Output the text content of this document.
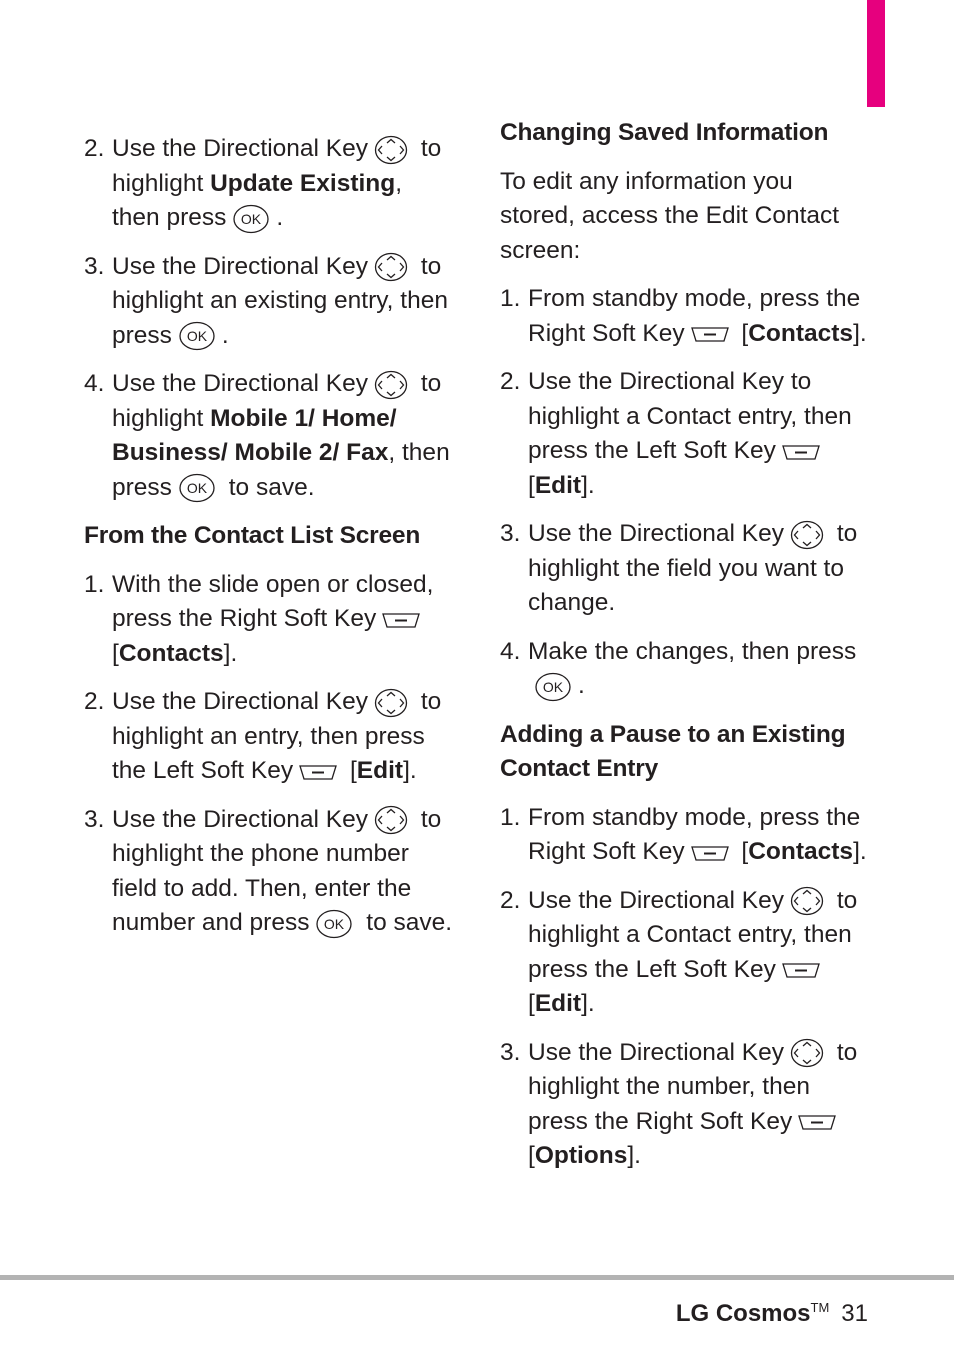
2. Use the Directional Key
to highlight Update Existing, then press OK .
3. Use the Directional Key
to highlight an existing entry, then press OK .
4. Use the Directional Key
to highlight Mobile 1/ Home/ Business/ Mobile 2/ Fax, then press OK to save.
From the Contact List Screen
1. With the slide open or closed, press the Right Soft Key
[Contacts].
2. Use the Directional Key
to highlight an entry, then press the Left Soft Key
[Edit].
3. Use the Directional Key
to highlight the phone number field to add. Then, enter the number and press OK to save.
Changing Saved Information
To edit any information you stored, access the Edit Contact screen:
1. From standby mode, press the Right Soft Key
[Contacts].
2. Use the Directional Key to highlight a Contact entry, then press the Left Soft Key
[Edit].
3. Use the Directional Key
to highlight the field you want to change.
4. Make the changes, then press
OK .
Adding a Pause to an Existing Contact Entry
1. From standby mode, press the Right Soft Key
[Contacts].
2. Use the Directional Key
to highlight a Contact entry, then press the Left Soft Key
[Edit].
3. Use the Directional Key
to highlight the number, then press the Right Soft Key
[Options].
LG Cosmos™ 31
